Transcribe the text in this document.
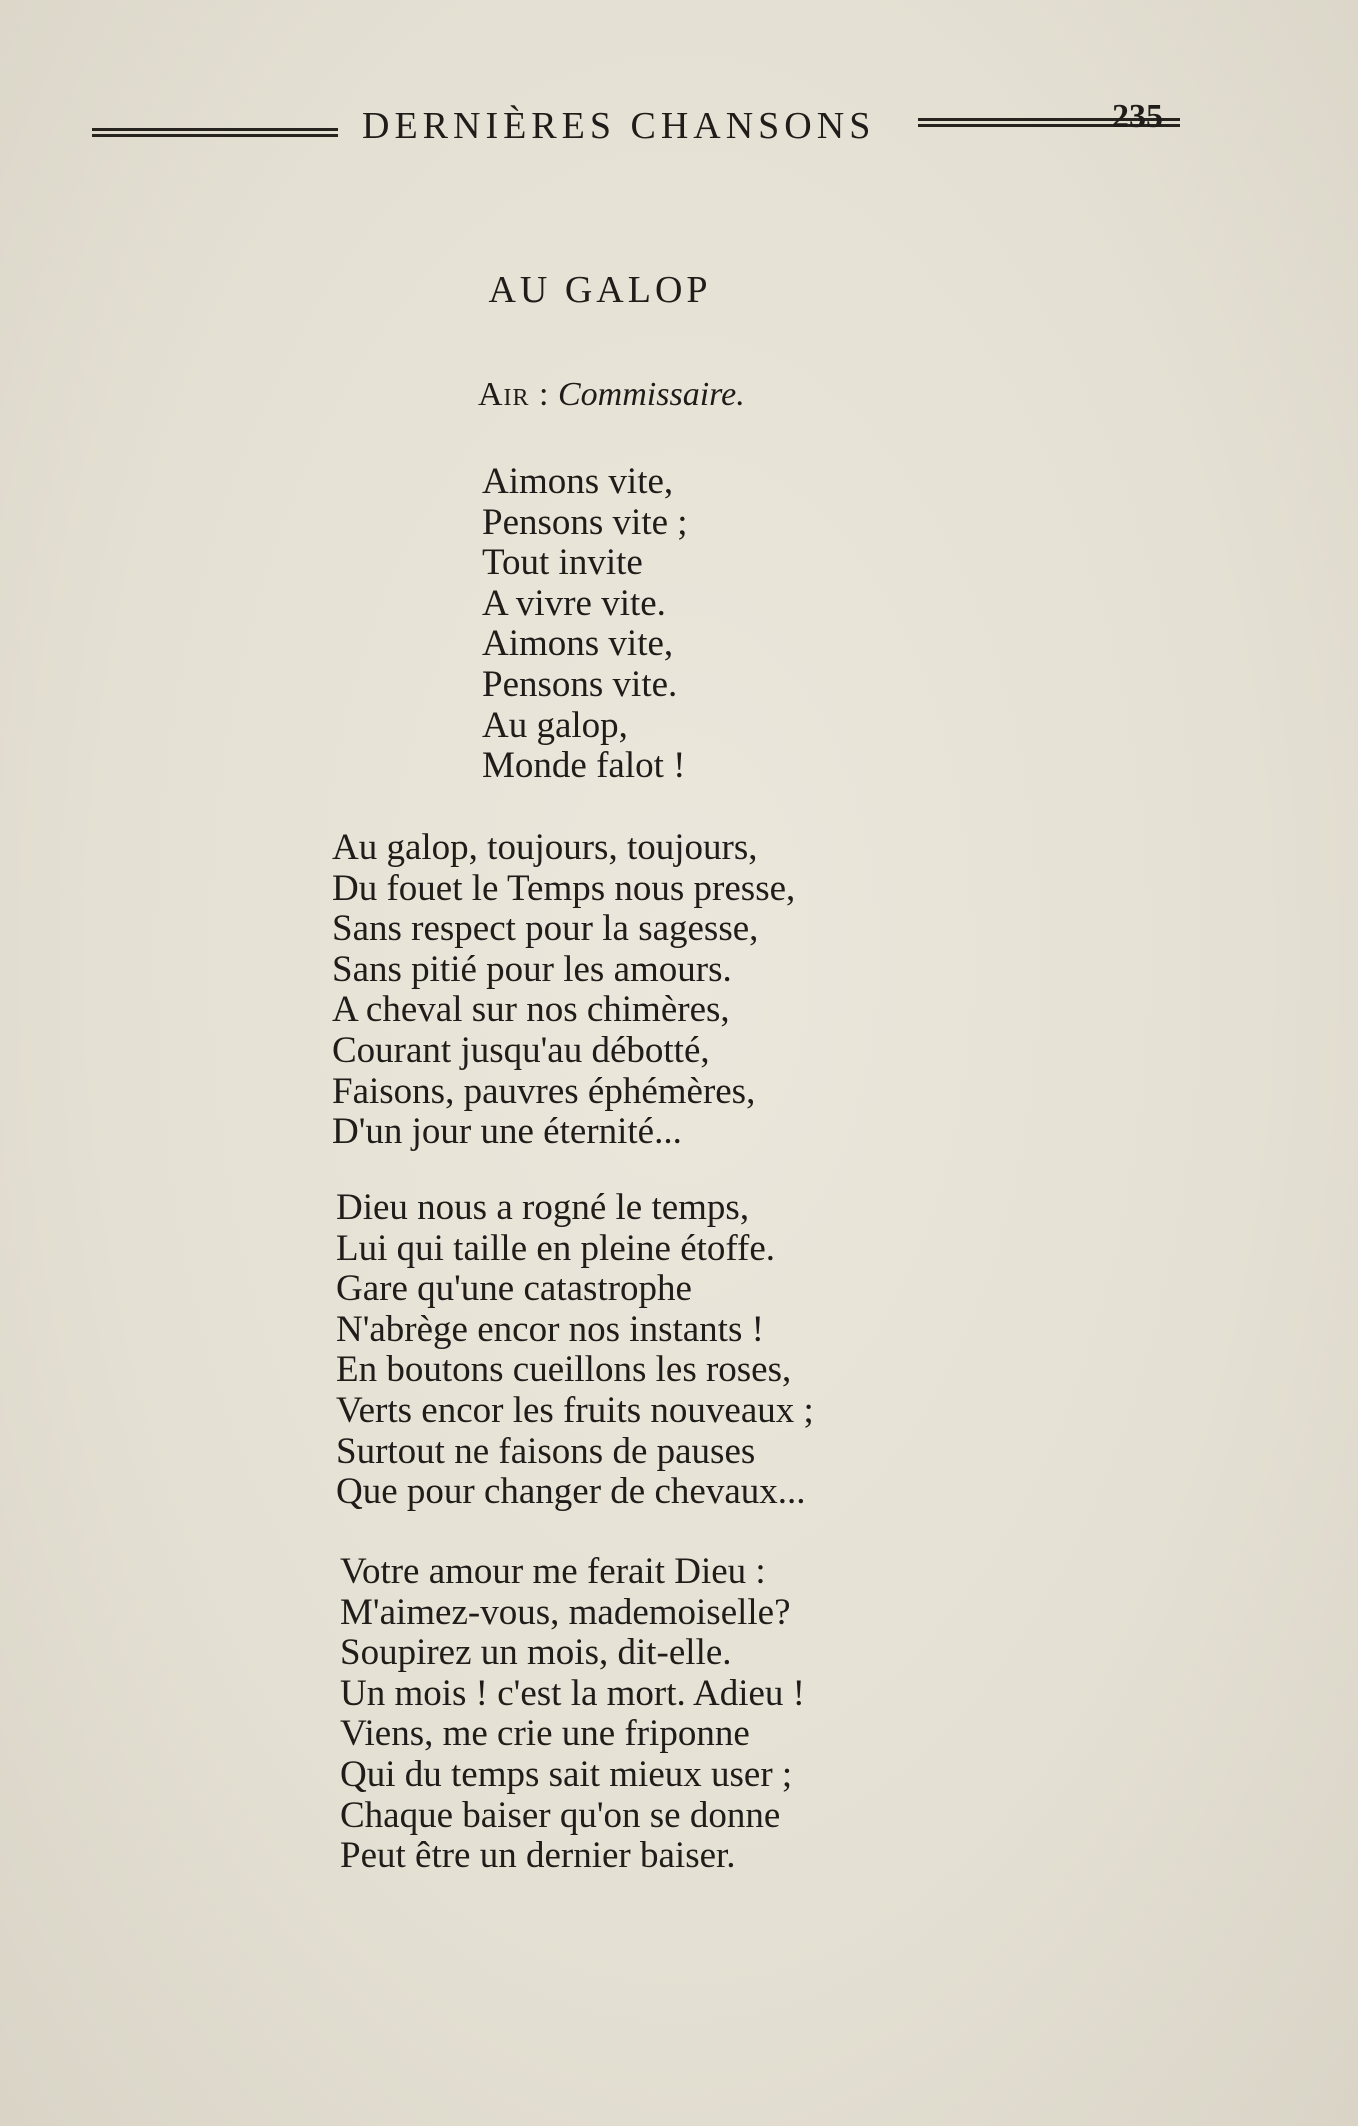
DERNIÈRES CHANSONS	235
AU GALOP
Air : Commissaire.
Aimons vite,
Pensons vite ;
Tout invite
A vivre vite.
Aimons vite,
Pensons vite.
Au galop,
Monde falot !
Au galop, toujours, toujours,
Du fouet le Temps nous presse,
Sans respect pour la sagesse,
Sans pitié pour les amours.
A cheval sur nos chimères,
Courant jusqu'au débotté,
Faisons, pauvres éphémères,
D'un jour une éternité...
Dieu nous a rogné le temps,
Lui qui taille en pleine étoffe.
Gare qu'une catastrophe
N'abrège encor nos instants !
En boutons cueillons les roses,
Verts encor les fruits nouveaux ;
Surtout ne faisons de pauses
Que pour changer de chevaux...
Votre amour me ferait Dieu :
M'aimez-vous, mademoiselle?
Soupirez un mois, dit-elle.
Un mois ! c'est la mort. Adieu !
Viens, me crie une friponne
Qui du temps sait mieux user ;
Chaque baiser qu'on se donne
Peut être un dernier baiser.
